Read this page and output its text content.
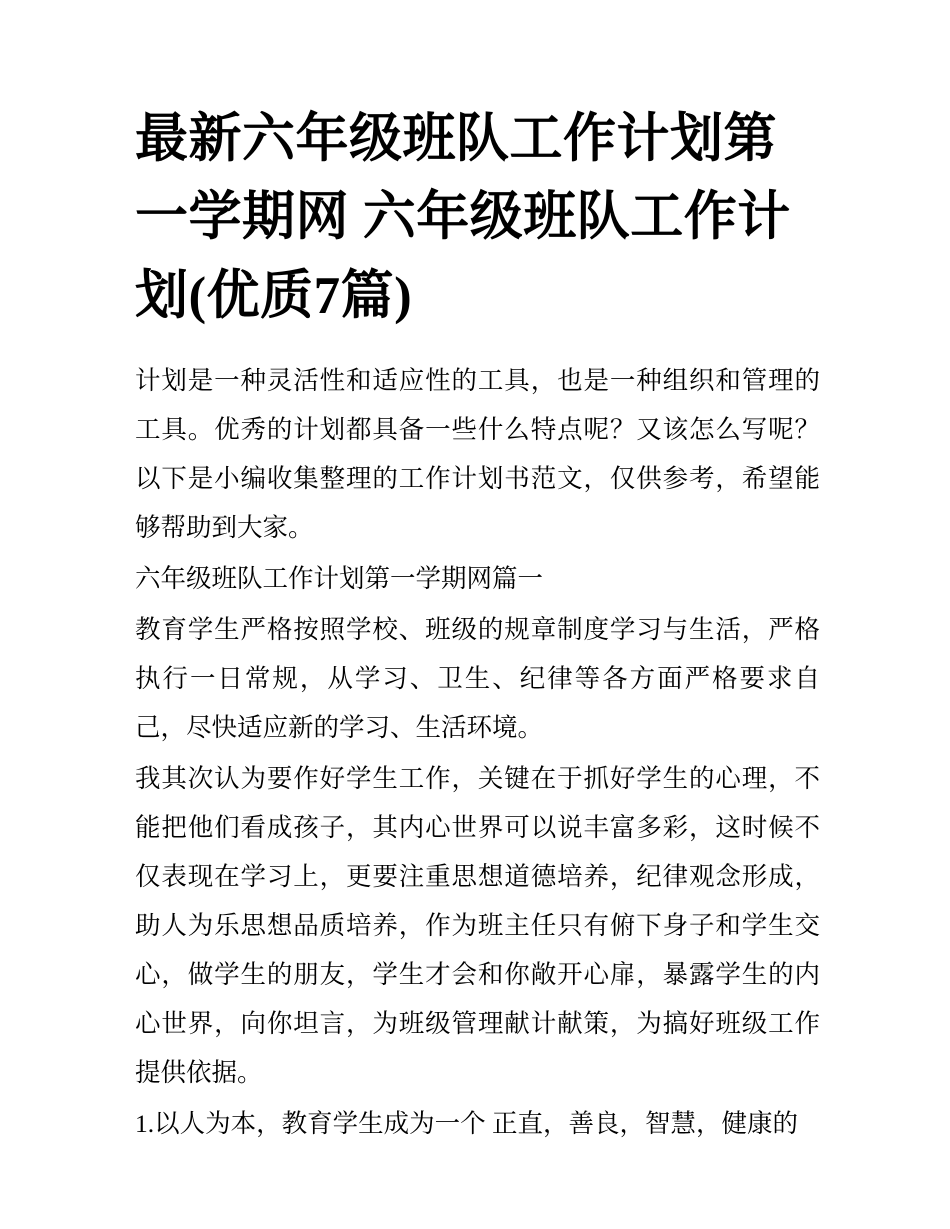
最新六年级班队工作计划第一学期网 六年级班队工作计划(优质7篇)

计划是一种灵活性和适应性的工具，也是一种组织和管理的工具。优秀的计划都具备一些什么特点呢？又该怎么写呢？以下是小编收集整理的工作计划书范文，仅供参考，希望能够帮助到大家。

六年级班队工作计划第一学期网篇一

教育学生严格按照学校、班级的规章制度学习与生活，严格执行一日常规，从学习、卫生、纪律等各方面严格要求自己，尽快适应新的学习、生活环境。

我其次认为要作好学生工作，关键在于抓好学生的心理，不能把他们看成孩子，其内心世界可以说丰富多彩，这时候不仅表现在学习上，更要注重思想道德培养，纪律观念形成，助人为乐思想品质培养，作为班主任只有俯下身子和学生交心，做学生的朋友，学生才会和你敞开心扉，暴露学生的内心世界，向你坦言，为班级管理献计献策，为搞好班级工作提供依据。

1.以人为本，教育学生成为一个 正直，善良，智慧，健康的
